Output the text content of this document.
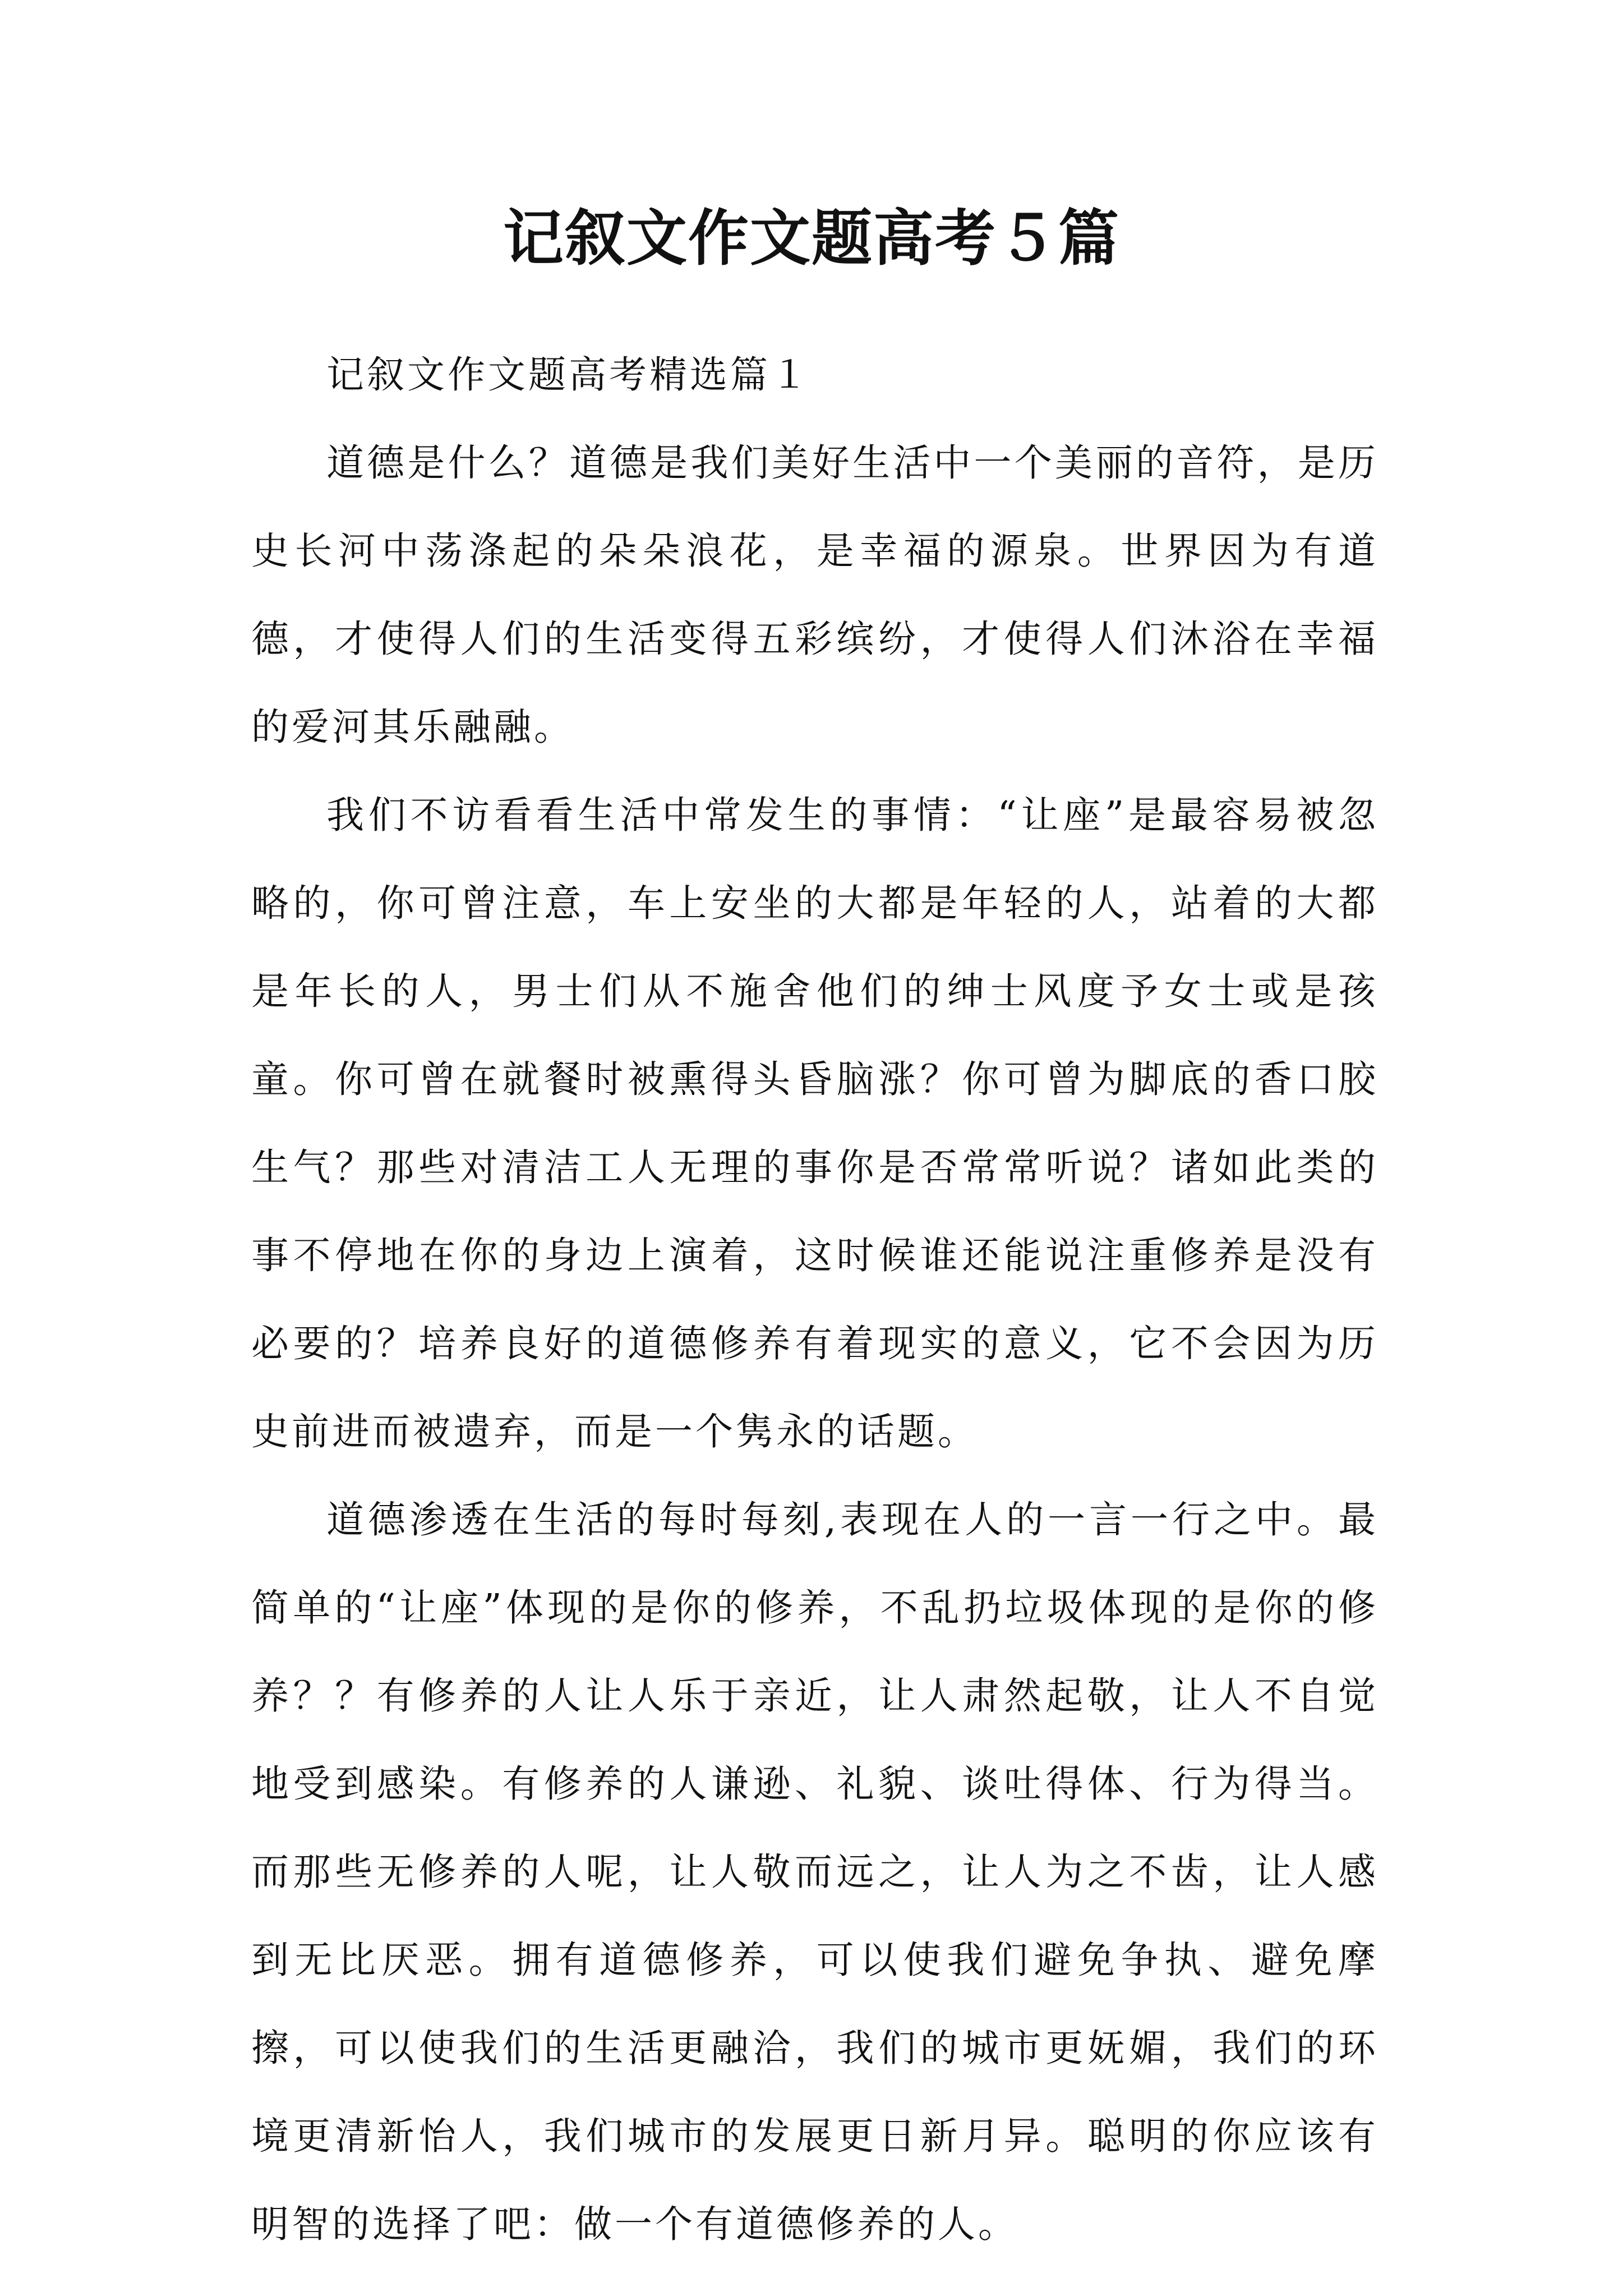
记叙文作文题高考５篇

记叙文作文题高考精选篇１

道德是什么？道德是我们美好生活中一个美丽的音符，是历史长河中荡涤起的朵朵浪花，是幸福的源泉。世界因为有道德，才使得人们的生活变得五彩缤纷，才使得人们沐浴在幸福的爱河其乐融融。

我们不访看看生活中常发生的事情：“让座”是最容易被忽略的，你可曾注意，车上安坐的大都是年轻的人，站着的大都是年长的人，男士们从不施舍他们的绅士风度予女士或是孩童。你可曾在就餐时被熏得头昏脑涨？你可曾为脚底的香口胶生气？那些对清洁工人无理的事你是否常常听说？诸如此类的事不停地在你的身边上演着，这时候谁还能说注重修养是没有必要的？培养良好的道德修养有着现实的意义，它不会因为历史前进而被遗弃，而是一个隽永的话题。

道德渗透在生活的每时每刻,表现在人的一言一行之中。最简单的“让座”体现的是你的修养，不乱扔垃圾体现的是你的修养？？有修养的人让人乐于亲近，让人肃然起敬，让人不自觉地受到感染。有修养的人谦逊、礼貌、谈吐得体、行为得当。而那些无修养的人呢，让人敬而远之，让人为之不齿，让人感到无比厌恶。拥有道德修养，可以使我们避免争执、避免摩擦，可以使我们的生活更融洽，我们的城市更妩媚，我们的环境更清新怡人，我们城市的发展更日新月异。聪明的你应该有明智的选择了吧：做一个有道德修养的人。
